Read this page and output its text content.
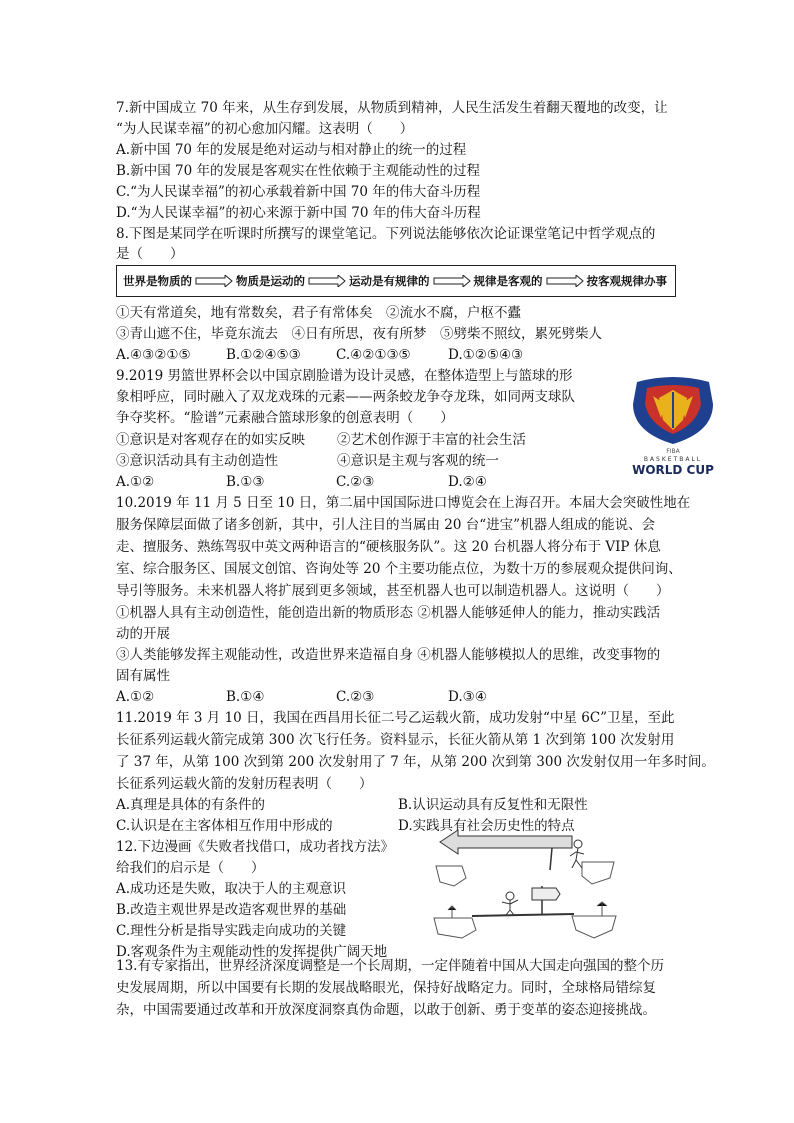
7.新中国成立 70 年来，从生存到发展，从物质到精神，人民生活发生着翻天覆地的改变，让
“为人民谋幸福”的初心愈加闪耀。这表明（　　）
A.新中国 70 年的发展是绝对运动与相对静止的统一的过程
B.新中国 70 年的发展是客观实在性依赖于主观能动性的过程
C.“为人民谋幸福”的初心承载着新中国 70 年的伟大奋斗历程
D.“为人民谋幸福”的初心来源于新中国 70 年的伟大奋斗历程
8.下图是某同学在听课时所撰写的课堂笔记。下列说法能够依次论证课堂笔记中哲学观点的
是（　　）
世界是物质的	物质是运动的	运动是有规律的	规律是客观的	按客观规律办事
①天有常道矣，地有常数矣，君子有常体矣　②流水不腐，户枢不蠹
③青山遮不住，毕竟东流去　④日有所思，夜有所梦　⑤劈柴不照纹，累死劈柴人
A.④③②①⑤	B.①②④⑤③	C.④②①③⑤	D.①②⑤④③
9.2019 男篮世界杯会以中国京剧脸谱为设计灵感，在整体造型上与篮球的形
象相呼应，同时融入了双龙戏珠的元素——两条蛟龙争夺龙珠，如同两支球队
争夺奖杯。“脸谱”元素融合篮球形象的创意表明（　　）
①意识是对客观存在的如实反映 ②艺术创作源于丰富的社会生活
③意识活动具有主动创造性	④意识是主观与客观的统一
A.①②	B.①③	C.②③	D.②④
FIBA
BASKETBALL
WORLD CUP
10.2019 年 11 月 5 日至 10 日，第二届中国国际进口博览会在上海召开。本届大会突破性地在
服务保障层面做了诸多创新，其中，引人注目的当属由 20 台“进宝”机器人组成的能说、会
走、擅服务、熟练驾驭中英文两种语言的“硬核服务队”。这 20 台机器人将分布于 VIP 休息
室、综合服务区、国展文创馆、咨询处等 20 个主要功能点位，为数十万的参展观众提供问询、
导引等服务。未来机器人将扩展到更多领域，甚至机器人也可以制造机器人。这说明（　　）
①机器人具有主动创造性，能创造出新的物质形态 ②机器人能够延伸人的能力，推动实践活
动的开展
③人类能够发挥主观能动性，改造世界来造福自身 ④机器人能够模拟人的思维，改变事物的
固有属性
A.①②	B.①④	C.②③	D.③④
11.2019 年 3 月 10 日，我国在西昌用长征二号乙运载火箭，成功发射“中星 6C”卫星，至此
长征系列运载火箭完成第 300 次飞行任务。资料显示，长征火箭从第 1 次到第 100 次发射用
了 37 年，从第 100 次到第 200 次发射用了 7 年，从第 200 次到第 300 次发射仅用一年多时间。
长征系列运载火箭的发射历程表明（　　）
A.真理是具体的有条件的	B.认识运动具有反复性和无限性
C.认识是在主客体相互作用中形成的	D.实践具有社会历史性的特点
12.下边漫画《失败者找借口，成功者找方法》
给我们的启示是（　　）
A.成功还是失败，取决于人的主观意识
B.改造主观世界是改造客观世界的基础
C.理性分析是指导实践走向成功的关键
D.客观条件为主观能动性的发挥提供广阔天地
13.有专家指出，世界经济深度调整是一个长周期，一定伴随着中国从大国走向强国的整个历
史发展周期，所以中国要有长期的发展战略眼光，保持好战略定力。同时，全球格局错综复
杂，中国需要通过改革和开放深度洞察真伪命题，以敢于创新、勇于变革的姿态迎接挑战。
